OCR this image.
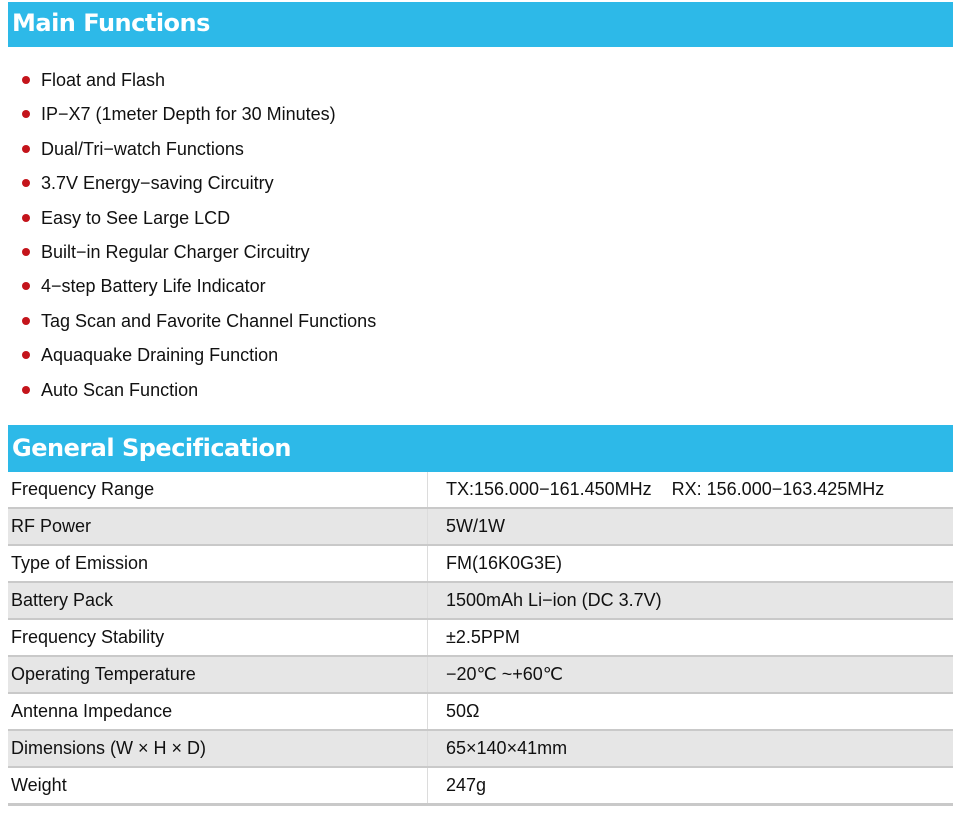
Main Functions
Float and Flash
IP−X7 (1meter Depth for 30 Minutes)
Dual/Tri−watch Functions
3.7V Energy−saving Circuitry
Easy to See Large LCD
Built−in Regular Charger Circuitry
4−step Battery Life Indicator
Tag Scan and Favorite Channel Functions
Aquaquake Draining Function
Auto Scan Function
General Specification
Frequency Range	TX:156.000−161.450MHz    RX: 156.000−163.425MHz
RF Power	5W/1W
Type of Emission	FM(16K0G3E)
Battery Pack	1500mAh Li−ion (DC 3.7V)
Frequency Stability	±2.5PPM
Operating Temperature	−20℃ ~+60℃
Antenna Impedance	50Ω
Dimensions (W × H × D)	65×140×41mm
Weight	247g
